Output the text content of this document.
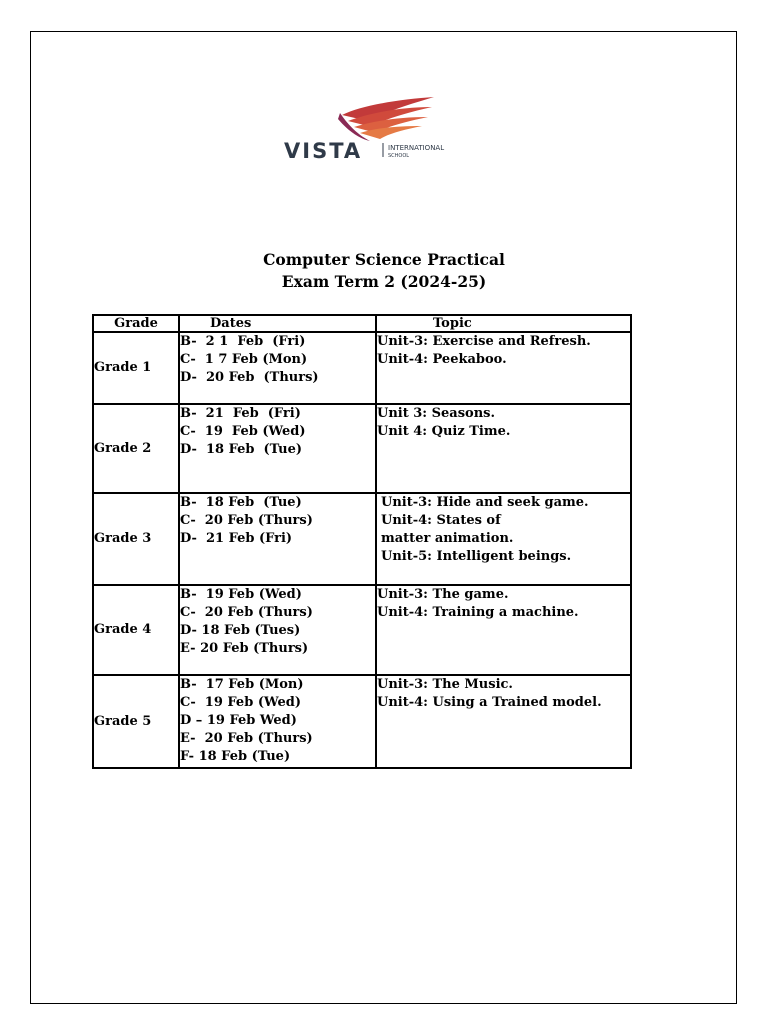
VISTA	INTERNATIONAL
SCHOOL
Computer Science Practical
Exam Term 2 (2024-25)
Grade	Dates	Topic
Grade 1	B-  2 1  Feb  (Fri)
C-  1 7 Feb (Mon)
D-  20 Feb  (Thurs)	Unit-3: Exercise and Refresh.
Unit-4: Peekaboo.

Grade 2	B-  21  Feb  (Fri)
C-  19  Feb (Wed)
D-  18 Feb  (Tue)	Unit 3: Seasons.
Unit 4: Quiz Time.

Grade 3	B-  18 Feb  (Tue)
C-  20 Feb (Thurs)
D-  21 Feb (Fri)	Unit-3: Hide and seek game.
Unit-4: States of matter animation.
Unit-5: Intelligent beings.

Grade 4	B-  19 Feb (Wed)
C-  20 Feb (Thurs)
D- 18 Feb (Tues)
E- 20 Feb (Thurs)	Unit-3: The game.
Unit-4: Training a machine.

Grade 5	B-  17 Feb (Mon)
C-  19 Feb (Wed)
D – 19 Feb Wed)
E-  20 Feb (Thurs)
F- 18 Feb (Tue)	Unit-3: The Music.
Unit-4: Using a Trained model.
